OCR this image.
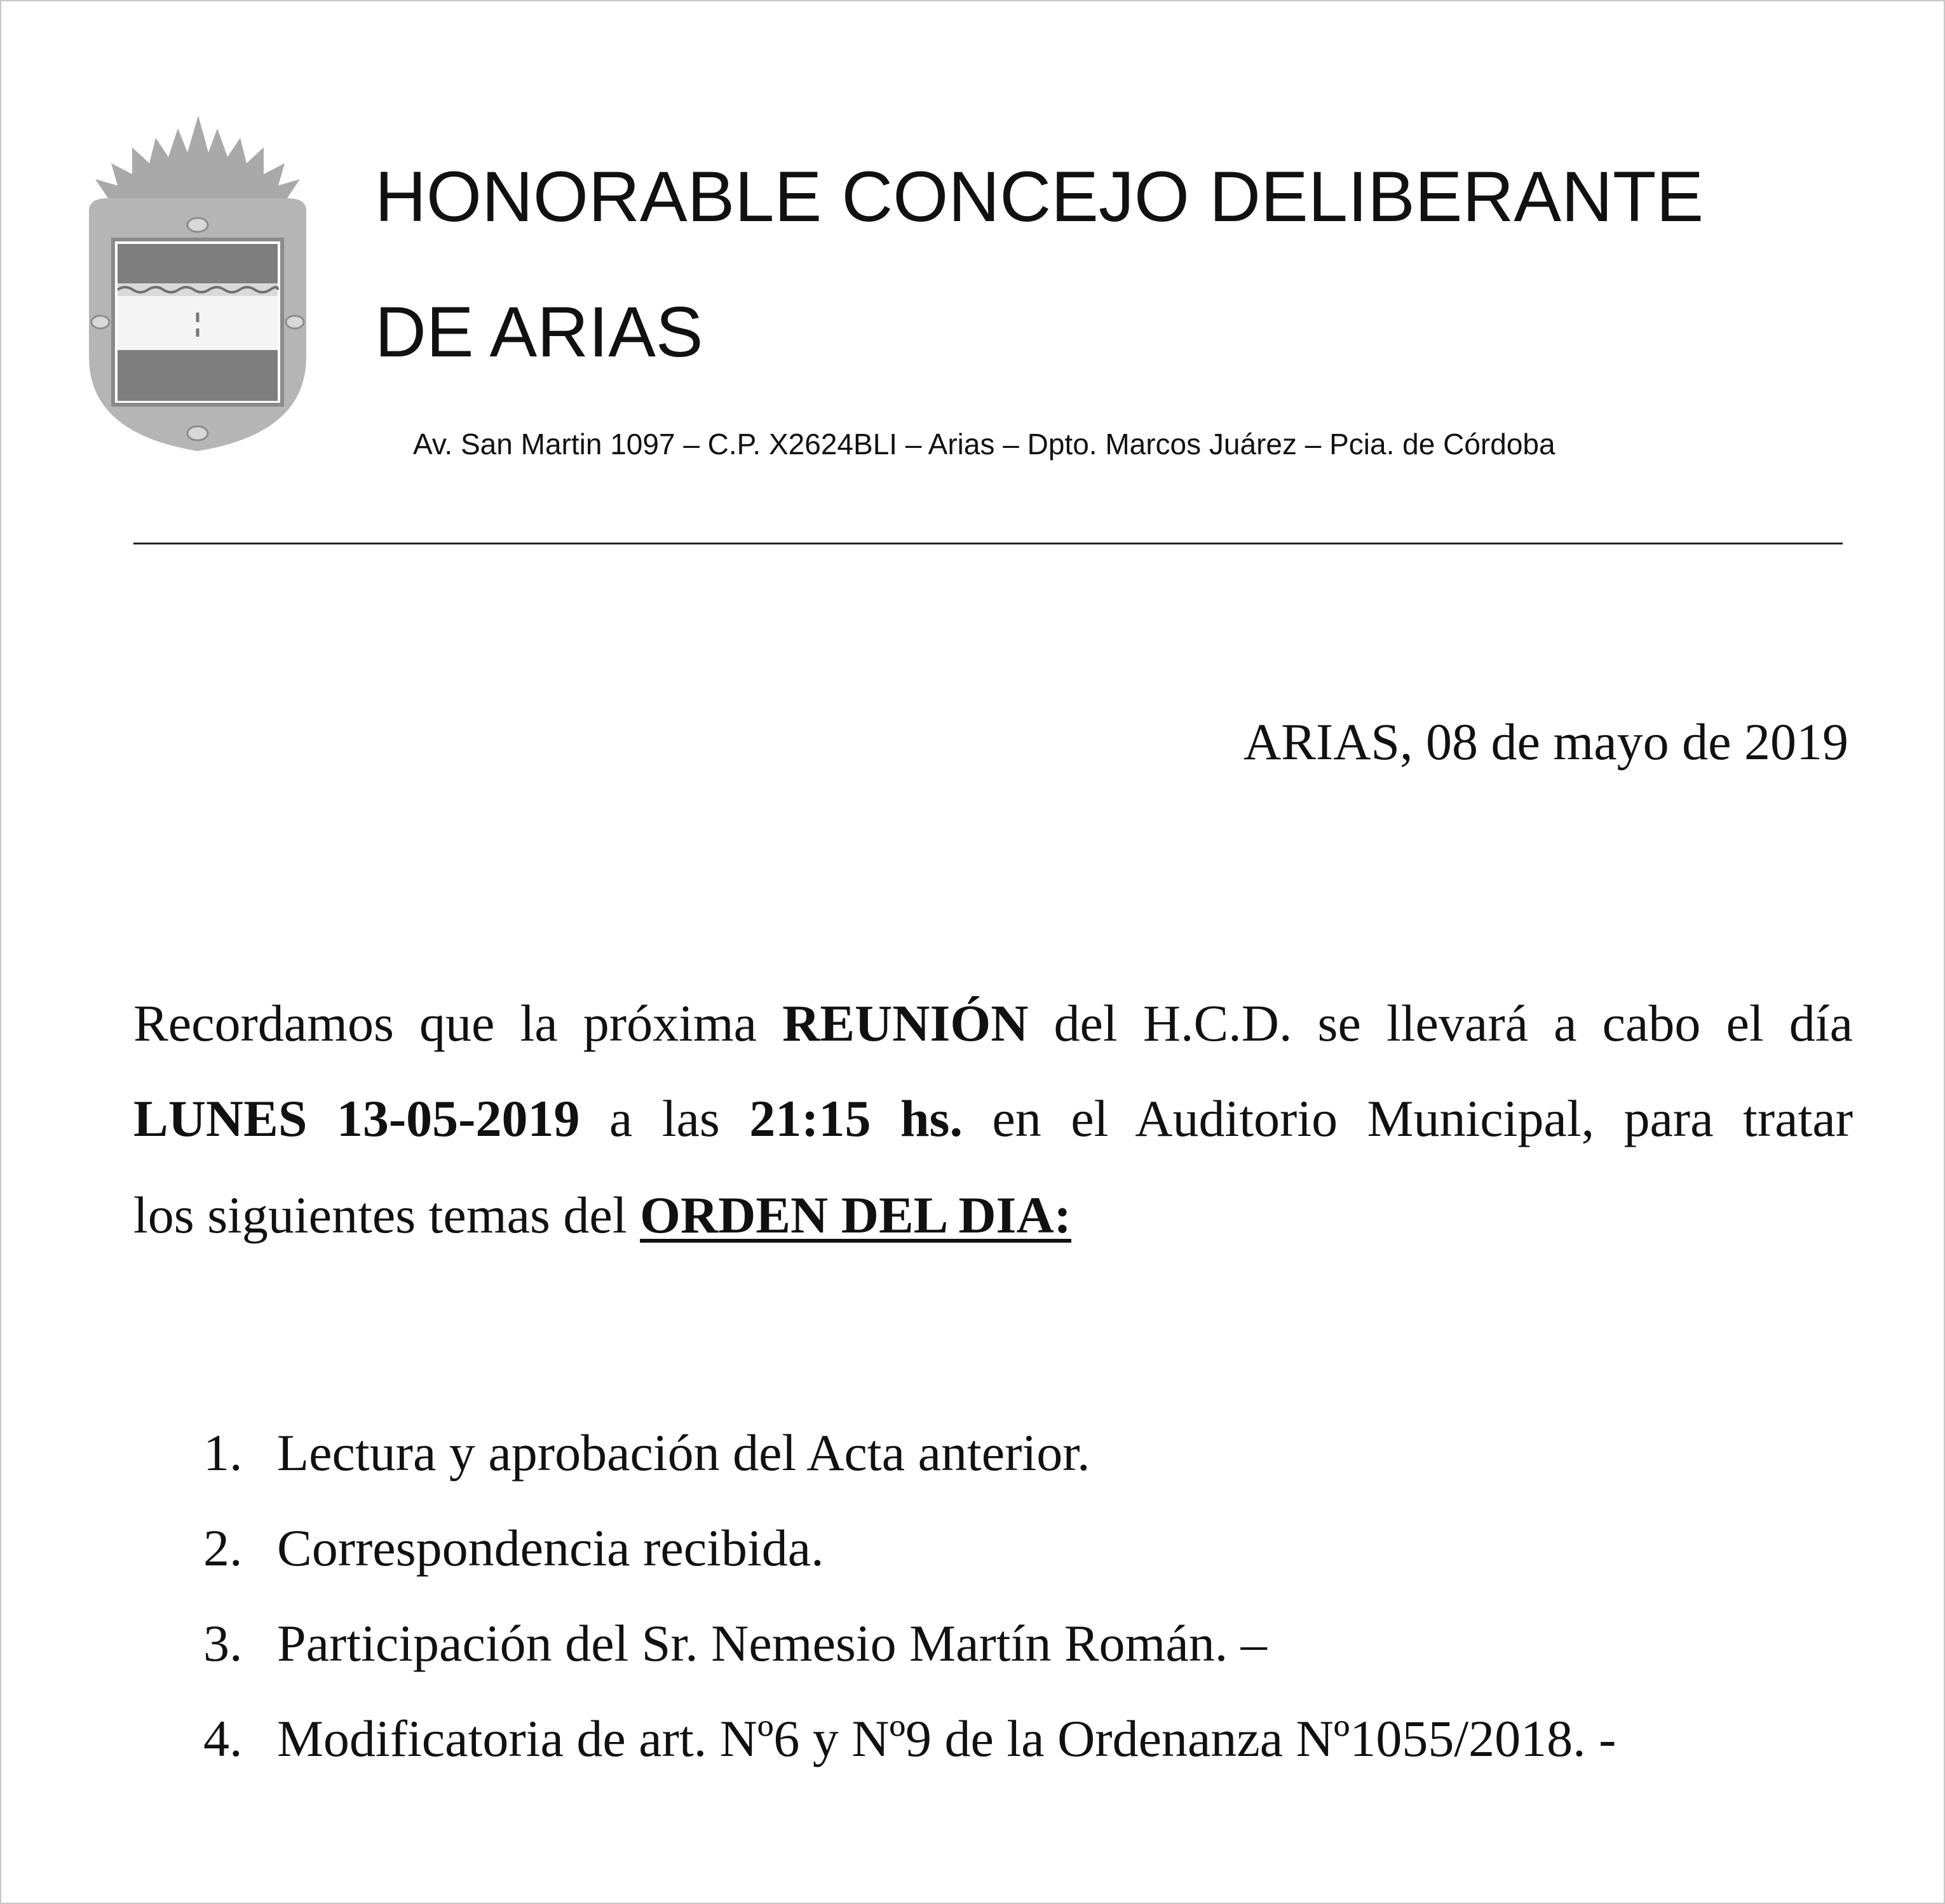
HONORABLE CONCEJO DELIBERANTE
DE ARIAS
Av. San Martin 1097 – C.P. X2624BLI – Arias – Dpto. Marcos Juárez – Pcia. de Córdoba
ARIAS, 08 de mayo de 2019
Recordamos que la próxima REUNIÓN del H.C.D. se llevará a cabo el día
LUNES 13-05-2019 a las 21:15 hs. en el Auditorio Municipal, para tratar
los siguientes temas del ORDEN DEL DIA:
1. Lectura y aprobación del Acta anterior.
2. Correspondencia recibida.
3. Participación del Sr. Nemesio Martín Román. –
4. Modificatoria de art. Nº6 y Nº9 de la Ordenanza Nº1055/2018. -
